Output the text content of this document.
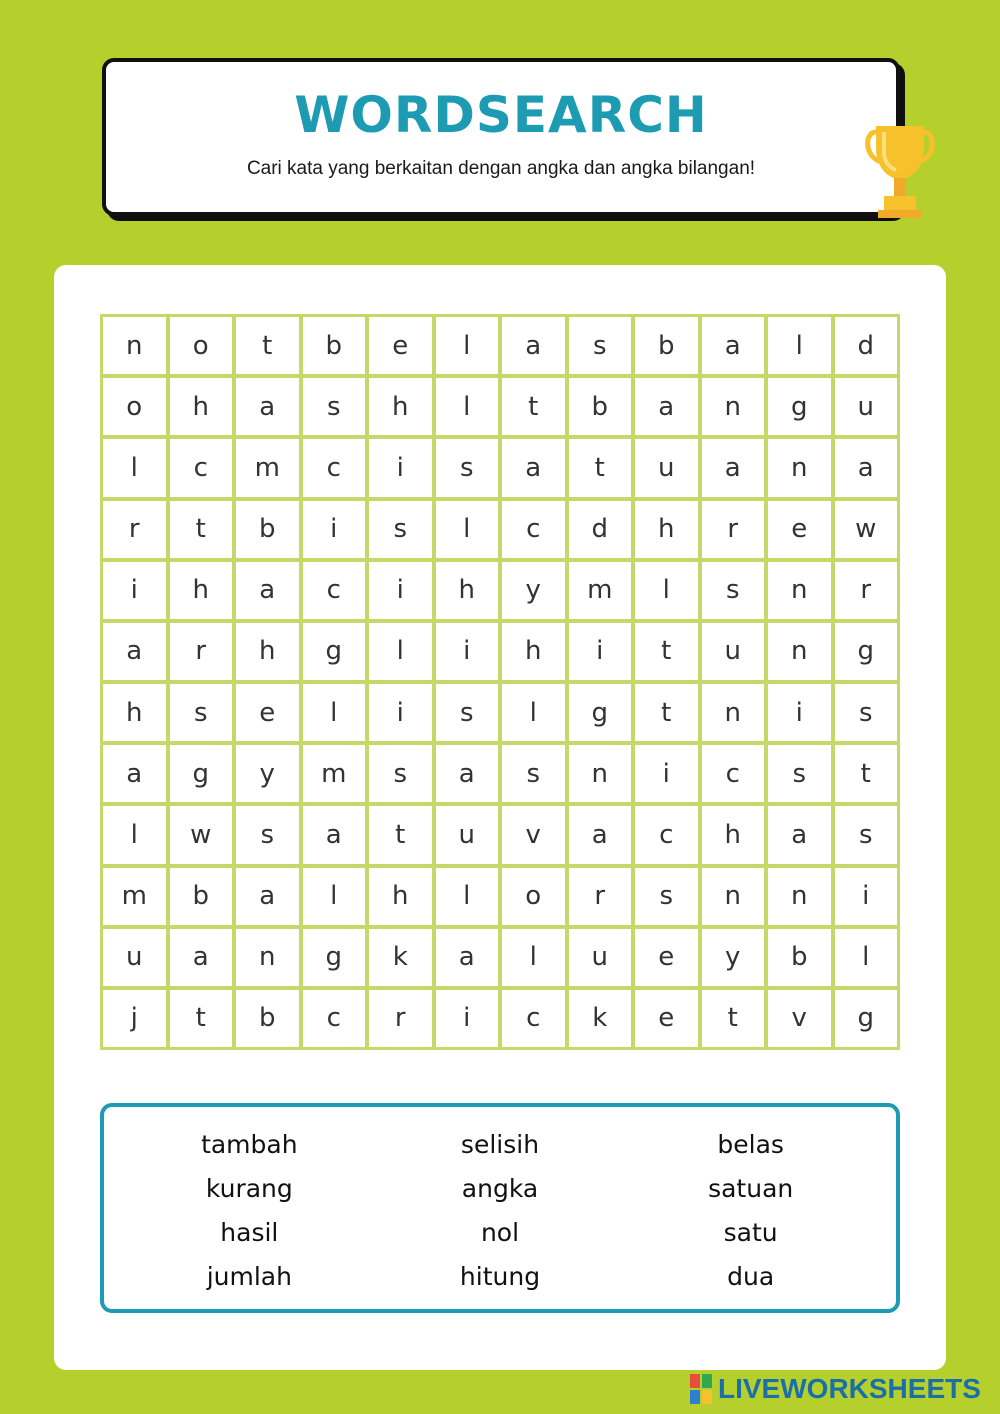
WORDSEARCH
Cari kata yang berkaitan dengan angka dan angka bilangan!
n	o	t	b	e	l	a	s	b	a	l	d
o	h	a	s	h	l	t	b	a	n	g	u
l	c	m	c	i	s	a	t	u	a	n	a
r	t	b	i	s	l	c	d	h	r	e	w
i	h	a	c	i	h	y	m	l	s	n	r
a	r	h	g	l	i	h	i	t	u	n	g
h	s	e	l	i	s	l	g	t	n	i	s
a	g	y	m	s	a	s	n	i	c	s	t
l	w	s	a	t	u	v	a	c	h	a	s
m	b	a	l	h	l	o	r	s	n	n	i
u	a	n	g	k	a	l	u	e	y	b	l
j	t	b	c	r	i	c	k	e	t	v	g
tambah	selisih	belas
kurang	angka	satuan
hasil	nol	satu
jumlah	hitung	dua
LIVEWORKSHEETS
